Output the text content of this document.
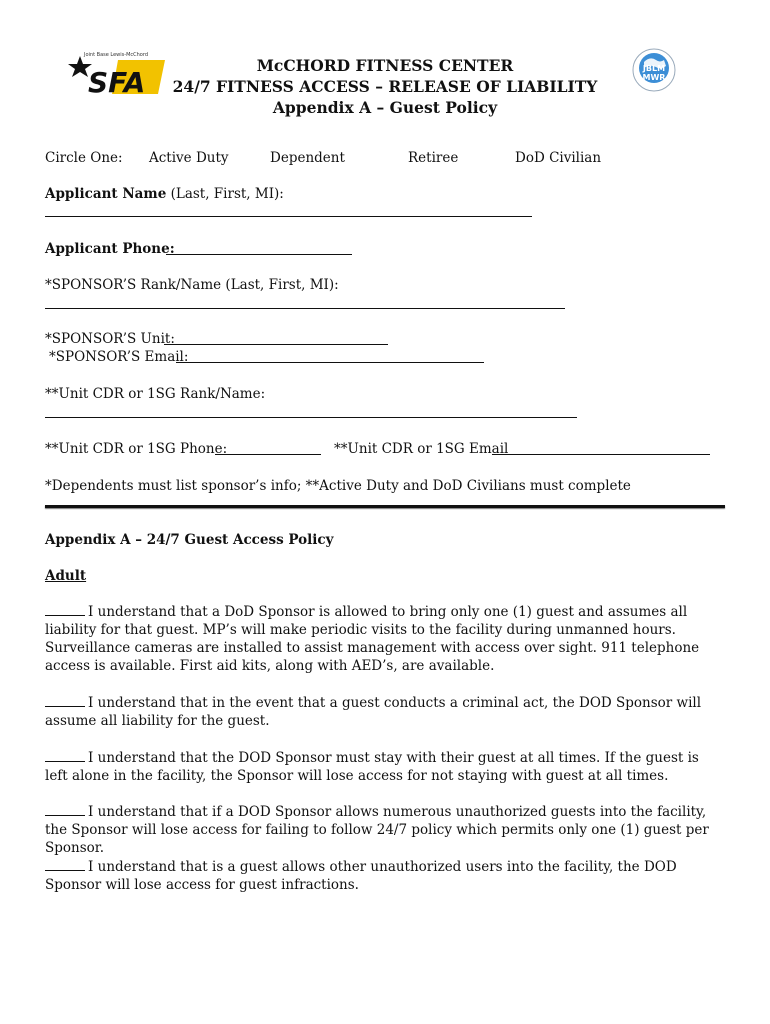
SFA
Joint Base Lewis-McChord
JBLM MWR
McCHORD FITNESS CENTER
24/7 FITNESS ACCESS – RELEASE OF LIABILITY
Appendix A – Guest Policy
Circle One: Active Duty	Dependent	Retiree	DoD Civilian
Applicant Name (Last, First, MI):
Applicant Phone:
*SPONSOR’S Rank/Name (Last, First, MI):
*SPONSOR’S Unit:
*SPONSOR’S Email:
**Unit CDR or 1SG Rank/Name:
**Unit CDR or 1SG Phone:	**Unit CDR or 1SG Email
*Dependents must list sponsor’s info; **Active Duty and DoD Civilians must complete
Appendix A – 24/7 Guest Access Policy
Adult
I understand that a DoD Sponsor is allowed to bring only one (1) guest and assumes all liability for that guest. MP’s will make periodic visits to the facility during unmanned hours. Surveillance cameras are installed to assist management with access over sight. 911 telephone access is available. First aid kits, along with AED’s, are available.
I understand that in the event that a guest conducts a criminal act, the DOD Sponsor will assume all liability for the guest.
I understand that the DOD Sponsor must stay with their guest at all times. If the guest is left alone in the facility, the Sponsor will lose access for not staying with guest at all times.
I understand that if a DOD Sponsor allows numerous unauthorized guests into the facility, the Sponsor will lose access for failing to follow 24/7 policy which permits only one (1) guest per Sponsor.
I understand that is a guest allows other unauthorized users into the facility, the DOD Sponsor will lose access for guest infractions.
